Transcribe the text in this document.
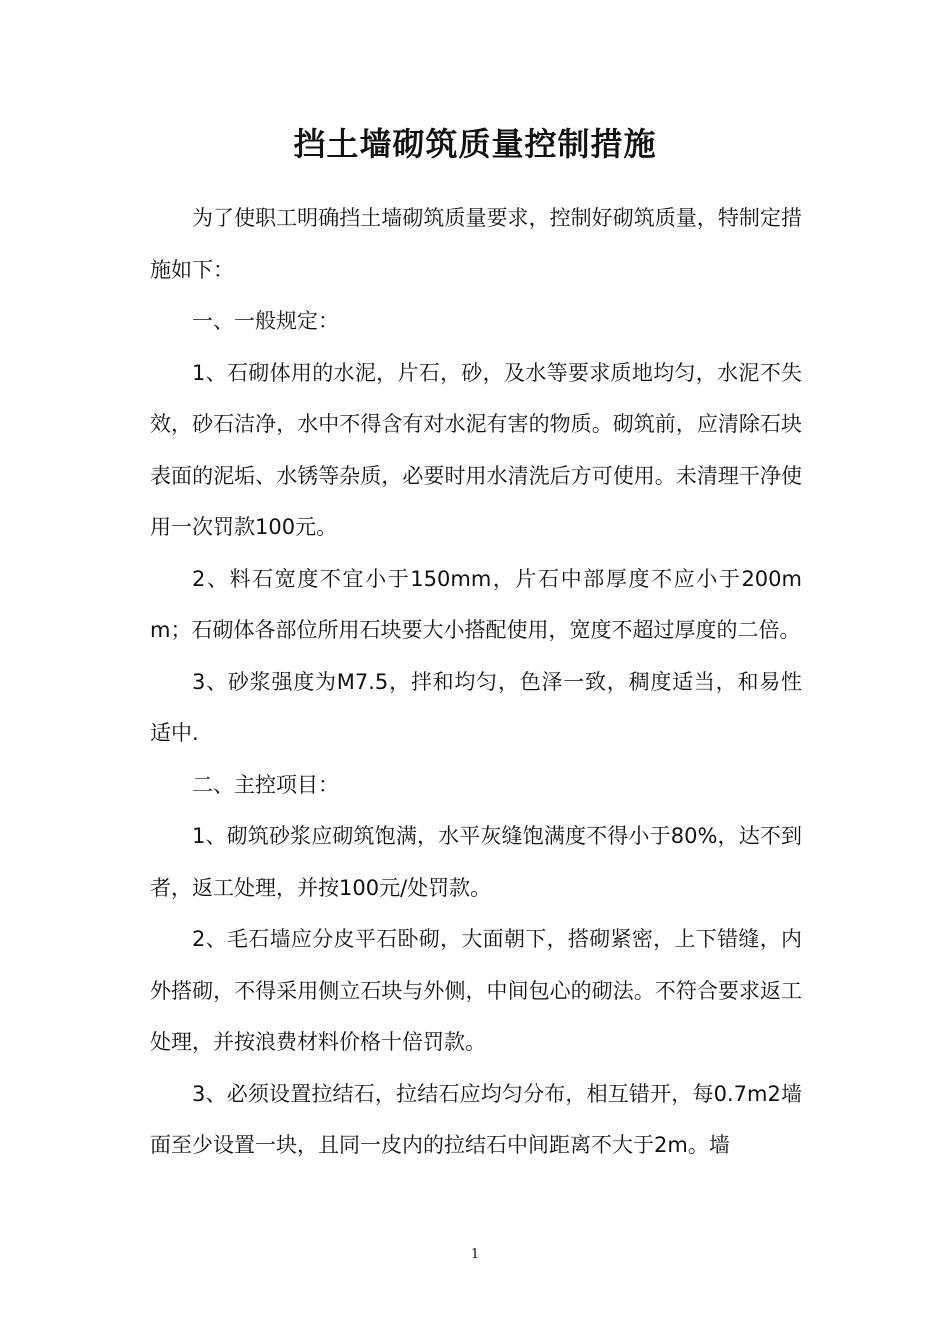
挡土墙砌筑质量控制措施

为了使职工明确挡土墙砌筑质量要求，控制好砌筑质量，特制定措施如下：

一、一般规定：

1、石砌体用的水泥，片石，砂，及水等要求质地均匀，水泥不失效，砂石洁净，水中不得含有对水泥有害的物质。砌筑前，应清除石块表面的泥垢、水锈等杂质，必要时用水清洗后方可使用。未清理干净使用一次罚款100元。

2、料石宽度不宜小于150mm，片石中部厚度不应小于200mm；石砌体各部位所用石块要大小搭配使用，宽度不超过厚度的二倍。

3、砂浆强度为M7.5，拌和均匀，色泽一致，稠度适当，和易性适中.

二、主控项目：

1、砌筑砂浆应砌筑饱满，水平灰缝饱满度不得小于80%，达不到者，返工处理，并按100元/处罚款。

2、毛石墙应分皮平石卧砌，大面朝下，搭砌紧密，上下错缝，内外搭砌，不得采用侧立石块与外侧，中间包心的砌法。不符合要求返工处理，并按浪费材料价格十倍罚款。

3、必须设置拉结石，拉结石应均匀分布，相互错开，每0.7m2墙面至少设置一块，且同一皮内的拉结石中间距离不大于2m。墙

1
